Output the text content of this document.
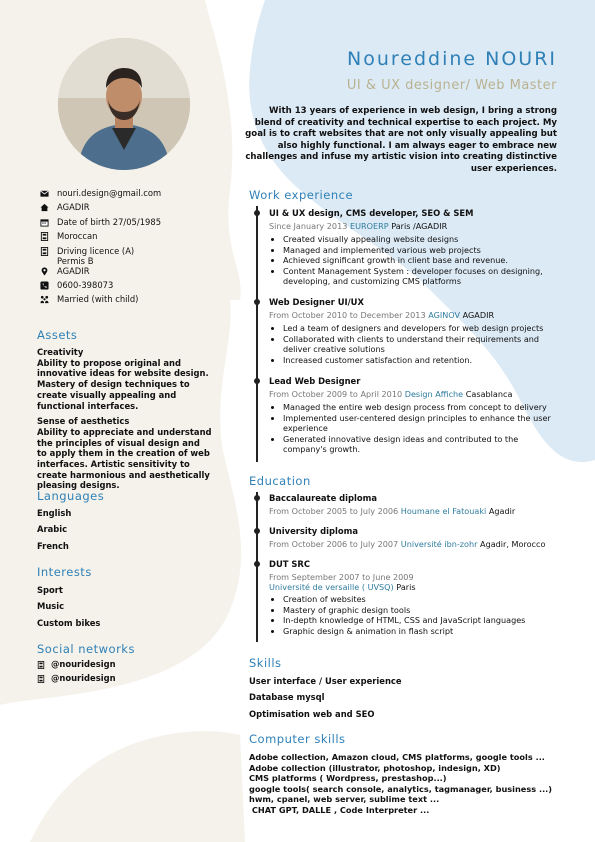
Noureddine NOURI
UI & UX designer/ Web Master
With 13 years of experience in web design, I bring a strong blend of creativity and technical expertise to each project. My goal is to craft websites that are not only visually appealing but also highly functional. I am always eager to embrace new challenges and infuse my artistic vision into creating distinctive user experiences.
nouri.design@gmail.com
AGADIR
Date of birth 27/05/1985
Moroccan
Driving licence (A)
Permis B
AGADIR
0600-398073
Married (with child)
Assets
Creativity
Ability to propose original and innovative ideas for website design. Mastery of design techniques to create visually appealing and functional interfaces.
Sense of aesthetics
Ability to appreciate and understand the principles of visual design and to apply them in the creation of web interfaces. Artistic sensitivity to create harmonious and aesthetically pleasing designs.
Languages
English
Arabic
French
Interests
Sport
Music
Custom bikes
Social networks
@nouridesign
@nouridesign
Work experience
UI & UX design, CMS developer, SEO & SEM
Since January 2013 EUROERP Paris /AGADIR
• Created visually appealing website designs
• Managed and implemented various web projects
• Achieved significant growth in client base and revenue.
• Content Management System : developer focuses on designing, developing, and customizing CMS platforms
Web Designer UI/UX
From October 2010 to December 2013 AGINOV AGADIR
• Led a team of designers and developers for web design projects
• Collaborated with clients to understand their requirements and deliver creative solutions
• Increased customer satisfaction and retention.
Lead Web Designer
From October 2009 to April 2010 Design Affiche Casablanca
• Managed the entire web design process from concept to delivery
• Implemented user-centered design principles to enhance the user experience
• Generated innovative design ideas and contributed to the company's growth.
Education
Baccalaureate diploma
From October 2005 to July 2006 Houmane el Fatouaki Agadir
University diploma
From October 2006 to July 2007 Université ibn-zohr Agadir, Morocco
DUT SRC
From September 2007 to June 2009
Université de versaille ( UVSQ) Paris
• Creation of websites
• Mastery of graphic design tools
• In-depth knowledge of HTML, CSS and JavaScript languages
• Graphic design & animation in flash script
Skills
User interface / User experience
Database mysql
Optimisation web and SEO
Computer skills
Adobe collection, Amazon cloud, CMS platforms, google tools ...
Adobe collection (illustrator, photoshop, indesign, XD)
CMS platforms ( Wordpress, prestashop...)
google tools( search console, analytics, tagmanager, business ...)
hwm, cpanel, web server, sublime text ...
CHAT GPT, DALLE , Code Interpreter ...
